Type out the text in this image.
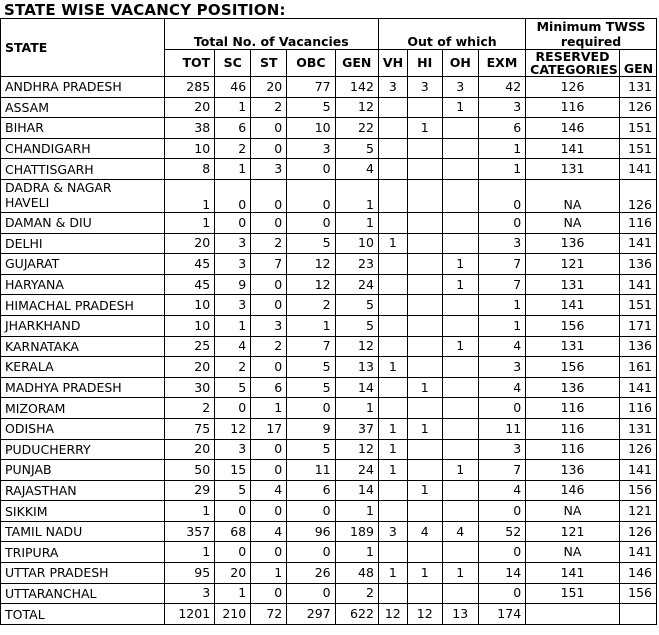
STATE WISE VACANCY POSITION:
STATE	Total No. of Vacancies					Out of which				Minimum TWSS required	
										RESERVED CATEGORIES	GEN
	TOT	SC	ST	OBC	GEN	VH	HI	OH	EXM		
ANDHRA PRADESH	285	46	20	77	142	3	3	3	42	126	131
ASSAM	20	1	2	5	12			1	3	116	126
BIHAR	38	6	0	10	22		1		6	146	151
CHANDIGARH	10	2	0	3	5				1	141	151
CHATTISGARH	8	1	3	0	4				1	131	141
DADRA & NAGAR HAVELI	1	0	0	0	1				0	NA	126
DAMAN & DIU	1	0	0	0	1				0	NA	116
DELHI	20	3	2	5	10	1			3	136	141
GUJARAT	45	3	7	12	23			1	7	121	136
HARYANA	45	9	0	12	24			1	7	131	141
HIMACHAL PRADESH	10	3	0	2	5				1	141	151
JHARKHAND	10	1	3	1	5				1	156	171
KARNATAKA	25	4	2	7	12			1	4	131	136
KERALA	20	2	0	5	13	1			3	156	161
MADHYA PRADESH	30	5	6	5	14		1		4	136	141
MIZORAM	2	0	1	0	1				0	116	116
ODISHA	75	12	17	9	37	1	1		11	116	131
PUDUCHERRY	20	3	0	5	12	1			3	116	126
PUNJAB	50	15	0	11	24	1		1	7	136	141
RAJASTHAN	29	5	4	6	14		1		4	146	156
SIKKIM	1	0	0	0	1				0	NA	121
TAMIL NADU	357	68	4	96	189	3	4	4	52	121	126
TRIPURA	1	0	0	0	1				0	NA	141
UTTAR PRADESH	95	20	1	26	48	1	1	1	14	141	146
UTTARANCHAL	3	1	0	0	2				0	151	156
TOTAL	1201	210	72	297	622	12	12	13	174		
